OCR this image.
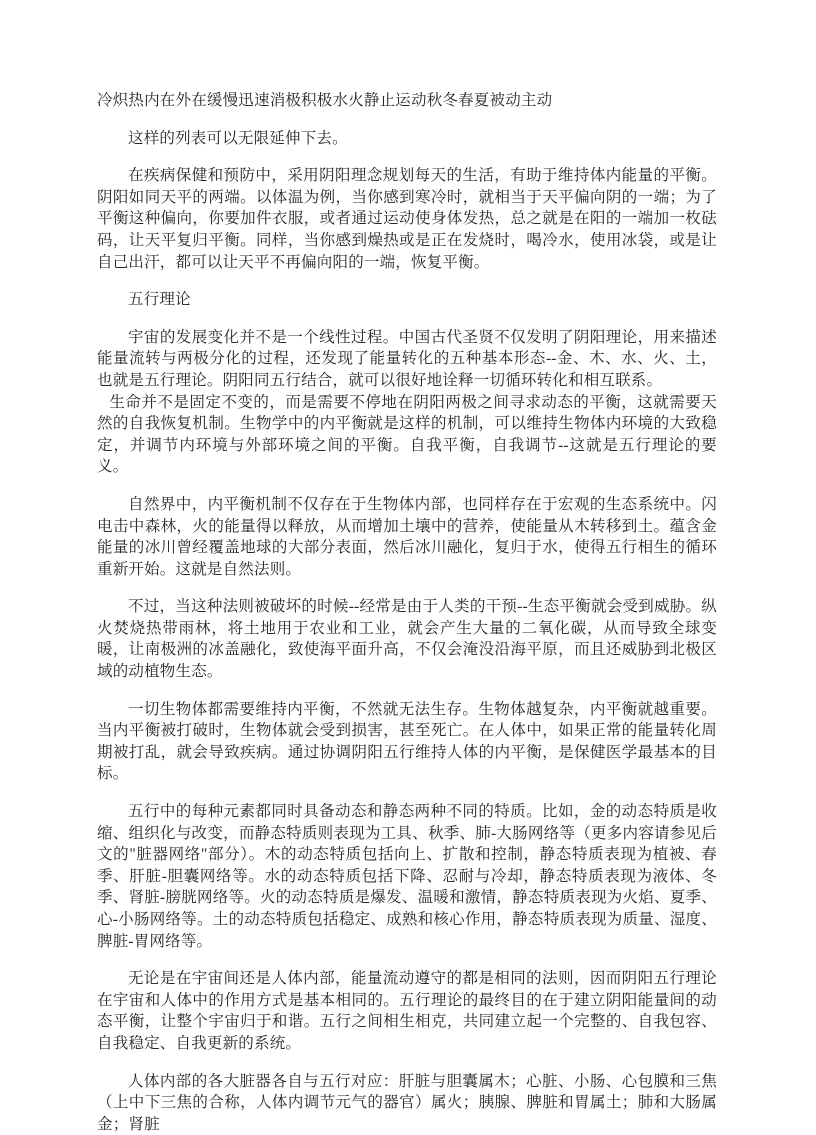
冷炽热内在外在缓慢迅速消极积极水火静止运动秋冬春夏被动主动

这样的列表可以无限延伸下去。

在疾病保健和预防中，采用阴阳理念规划每天的生活，有助于维持体内能量的平衡。阴阳如同天平的两端。以体温为例，当你感到寒冷时，就相当于天平偏向阴的一端；为了平衡这种偏向，你要加件衣服，或者通过运动使身体发热，总之就是在阳的一端加一枚砝码，让天平复归平衡。同样，当你感到燥热或是正在发烧时，喝冷水，使用冰袋，或是让自己出汗，都可以让天平不再偏向阳的一端，恢复平衡。

五行理论

宇宙的发展变化并不是一个线性过程。中国古代圣贤不仅发明了阴阳理论，用来描述能量流转与两极分化的过程，还发现了能量转化的五种基本形态--金、木、水、火、土，也就是五行理论。阴阳同五行结合，就可以很好地诠释一切循环转化和相互联系。

生命并不是固定不变的，而是需要不停地在阴阳两极之间寻求动态的平衡，这就需要天然的自我恢复机制。生物学中的内平衡就是这样的机制，可以维持生物体内环境的大致稳定，并调节内环境与外部环境之间的平衡。自我平衡，自我调节--这就是五行理论的要义。

自然界中，内平衡机制不仅存在于生物体内部，也同样存在于宏观的生态系统中。闪电击中森林，火的能量得以释放，从而增加土壤中的营养，使能量从木转移到土。蕴含金能量的冰川曾经覆盖地球的大部分表面，然后冰川融化，复归于水，使得五行相生的循环重新开始。这就是自然法则。

不过，当这种法则被破坏的时候--经常是由于人类的干预--生态平衡就会受到威胁。纵火焚烧热带雨林，将土地用于农业和工业，就会产生大量的二氧化碳，从而导致全球变暖，让南极洲的冰盖融化，致使海平面升高，不仅会淹没沿海平原，而且还威胁到北极区域的动植物生态。

一切生物体都需要维持内平衡，不然就无法生存。生物体越复杂，内平衡就越重要。当内平衡被打破时，生物体就会受到损害，甚至死亡。在人体中，如果正常的能量转化周期被打乱，就会导致疾病。通过协调阴阳五行维持人体的内平衡，是保健医学最基本的目标。

五行中的每种元素都同时具备动态和静态两种不同的特质。比如，金的动态特质是收缩、组织化与改变，而静态特质则表现为工具、秋季、肺-大肠网络等（更多内容请参见后文的"脏器网络"部分）。木的动态特质包括向上、扩散和控制，静态特质表现为植被、春季、肝脏-胆囊网络等。水的动态特质包括下降、忍耐与冷却，静态特质表现为液体、冬季、肾脏-膀胱网络等。火的动态特质是爆发、温暖和激情，静态特质表现为火焰、夏季、心-小肠网络等。土的动态特质包括稳定、成熟和核心作用，静态特质表现为质量、湿度、脾脏-胃网络等。

无论是在宇宙间还是人体内部，能量流动遵守的都是相同的法则，因而阴阳五行理论在宇宙和人体中的作用方式是基本相同的。五行理论的最终目的在于建立阴阳能量间的动态平衡，让整个宇宙归于和谐。五行之间相生相克，共同建立起一个完整的、自我包容、自我稳定、自我更新的系统。

人体内部的各大脏器各自与五行对应：肝脏与胆囊属木；心脏、小肠、心包膜和三焦（上中下三焦的合称，人体内调节元气的器官）属火；胰腺、脾脏和胃属土；肺和大肠属金；肾脏
